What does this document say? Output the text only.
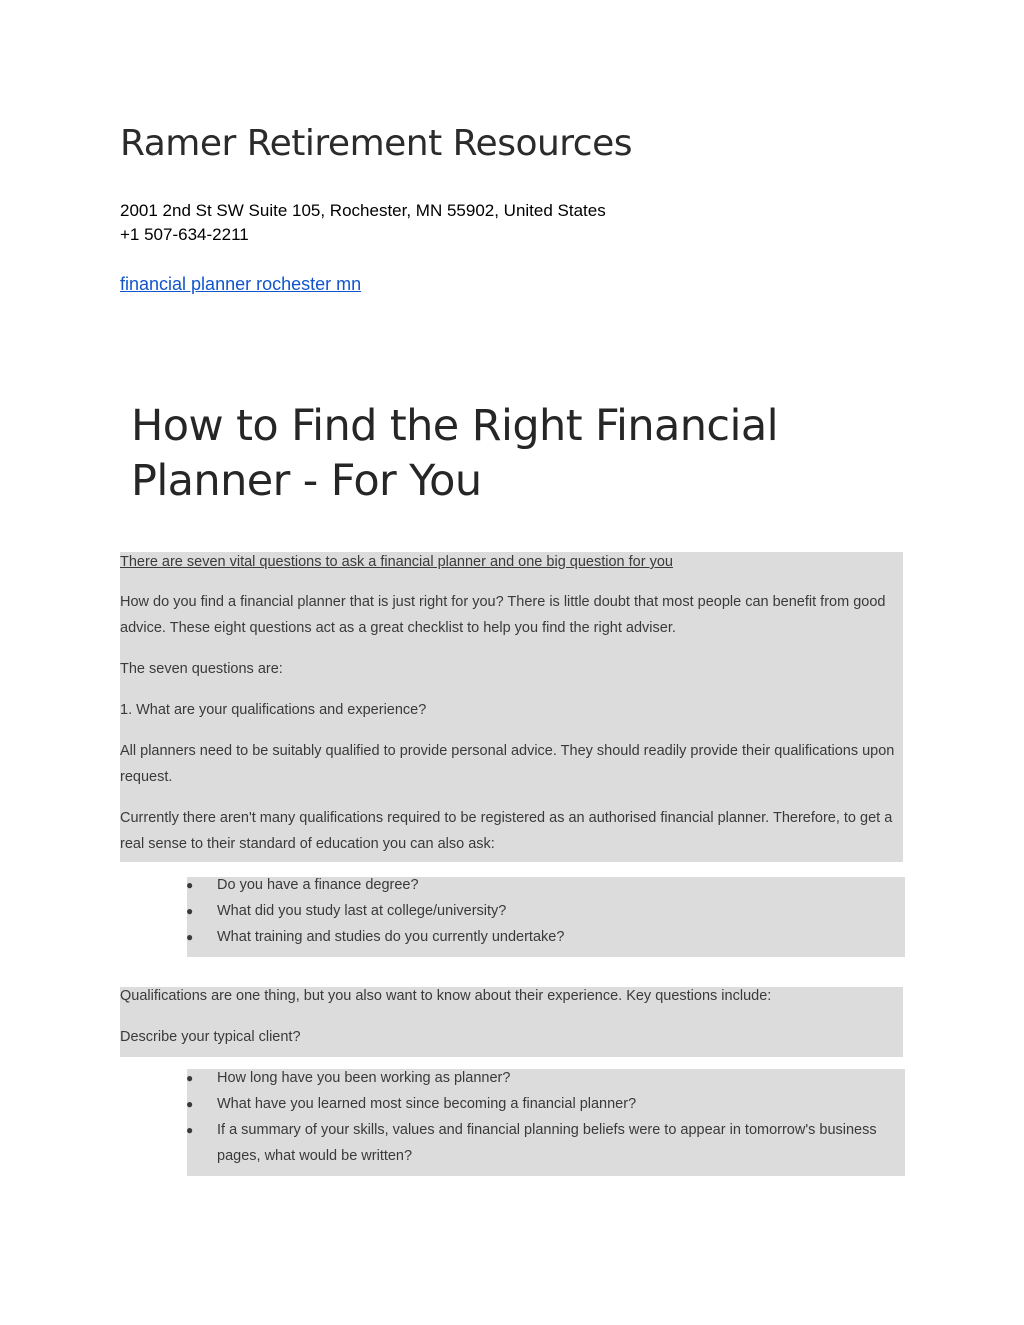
Ramer Retirement Resources

2001 2nd St SW Suite 105, Rochester, MN 55902, United States

+1 507-634-2211

financial planner rochester mn
How to Find the Right Financial Planner - For You

There are seven vital questions to ask a financial planner and one big question for you

How do you find a financial planner that is just right for you? There is little doubt that most people can benefit from good advice. These eight questions act as a great checklist to help you find the right adviser.

The seven questions are:

1. What are your qualifications and experience?

All planners need to be suitably qualified to provide personal advice. They should readily provide their qualifications upon request.

Currently there aren't many qualifications required to be registered as an authorised financial planner. Therefore, to get a real sense to their standard of education you can also ask:

● Do you have a finance degree?
● What did you study last at college/university?
● What training and studies do you currently undertake?

Qualifications are one thing, but you also want to know about their experience. Key questions include:

Describe your typical client?

● How long have you been working as planner?
● What have you learned most since becoming a financial planner?
● If a summary of your skills, values and financial planning beliefs were to appear in tomorrow's business pages, what would be written?
